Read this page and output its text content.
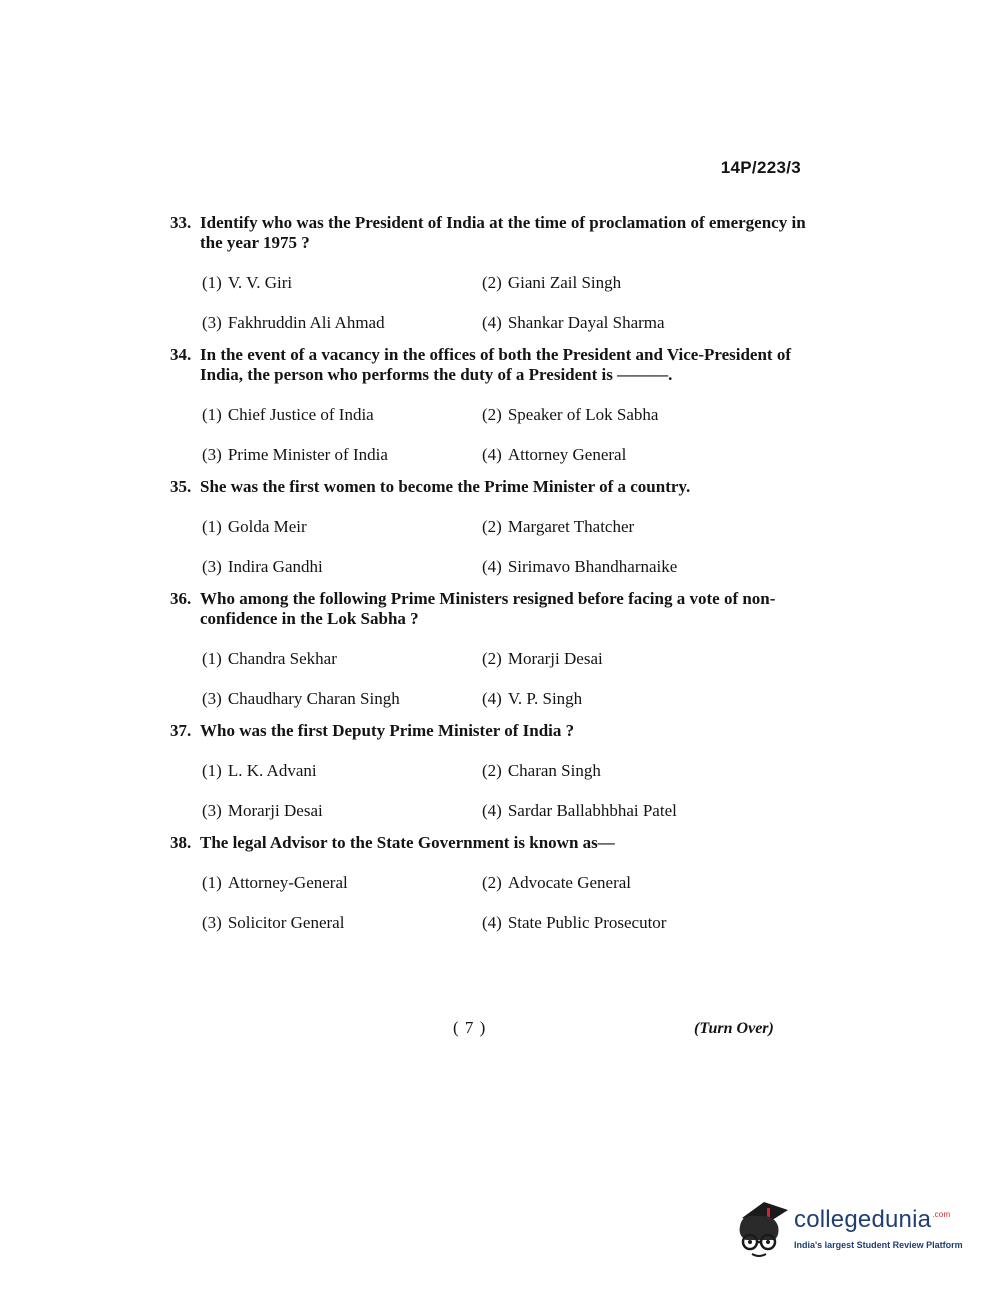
14P/223/3
33. Identify who was the President of India at the time of proclamation of emergency in the year 1975 ?
(1) V. V. Giri	(2) Giani Zail Singh
(3) Fakhruddin Ali Ahmad	(4) Shankar Dayal Sharma
34. In the event of a vacancy in the offices of both the President and Vice-President of India, the person who performs the duty of a President is ———.
(1) Chief Justice of India	(2) Speaker of Lok Sabha
(3) Prime Minister of India	(4) Attorney General
35. She was the first women to become the Prime Minister of a country.
(1) Golda Meir	(2) Margaret Thatcher
(3) Indira Gandhi	(4) Sirimavo Bhandharnaike
36. Who among the following Prime Ministers resigned before facing a vote of non-confidence in the Lok Sabha ?
(1) Chandra Sekhar	(2) Morarji Desai
(3) Chaudhary Charan Singh	(4) V. P. Singh
37. Who was the first Deputy Prime Minister of India ?
(1) L. K. Advani	(2) Charan Singh
(3) Morarji Desai	(4) Sardar Ballabhbhai Patel
38. The legal Advisor to the State Government is known as—
(1) Attorney-General	(2) Advocate General
(3) Solicitor General	(4) State Public Prosecutor
( 7 )	(Turn Over)
collegedunia$^{.com}$
India's largest Student Review Platform
